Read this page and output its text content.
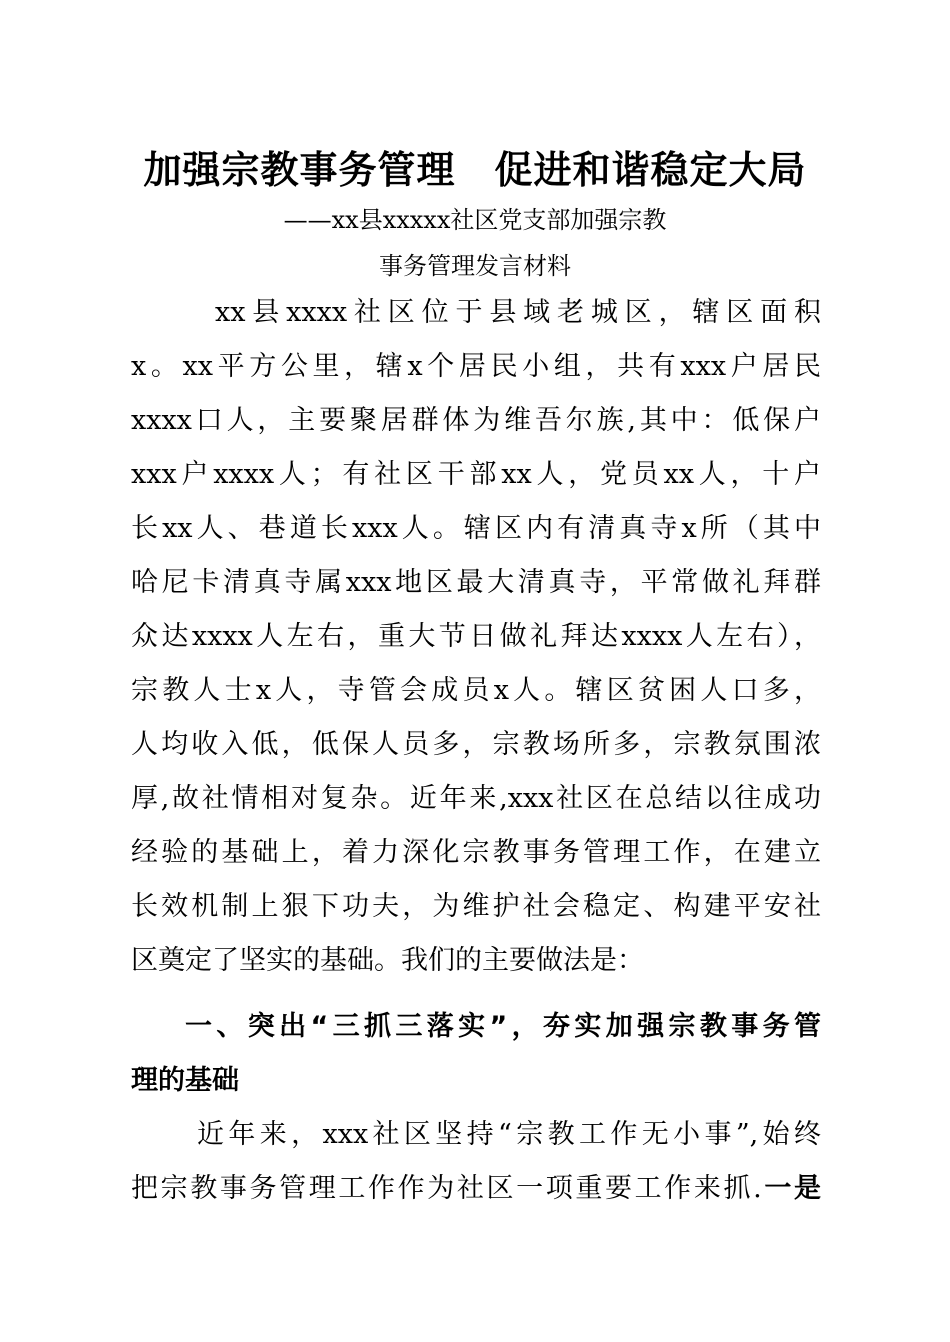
加强宗教事务管理　促进和谐稳定大局
——xx县xxxxx社区党支部加强宗教
事务管理发言材料
xx县xxxx社区位于县域老城区，辖区面积
x。xx平方公里，辖x个居民小组，共有xxx户居民
xxxx口人，主要聚居群体为维吾尔族,其中：低保户
xxx户xxxx人；有社区干部xx人，党员xx人，十户
长xx人、巷道长xxx人。辖区内有清真寺x所（其中
哈尼卡清真寺属xxx地区最大清真寺，平常做礼拜群
众达xxxx人左右，重大节日做礼拜达xxxx人左右），
宗教人士x人，寺管会成员x人。辖区贫困人口多，
人均收入低，低保人员多，宗教场所多，宗教氛围浓
厚,故社情相对复杂。近年来,xxx社区在总结以往成功
经验的基础上，着力深化宗教事务管理工作，在建立
长效机制上狠下功夫，为维护社会稳定、构建平安社
区奠定了坚实的基础。我们的主要做法是：
一、突出“三抓三落实”，夯实加强宗教事务管
理的基础
近年来，xxx社区坚持“宗教工作无小事”,始终
把宗教事务管理工作作为社区一项重要工作来抓.一是
